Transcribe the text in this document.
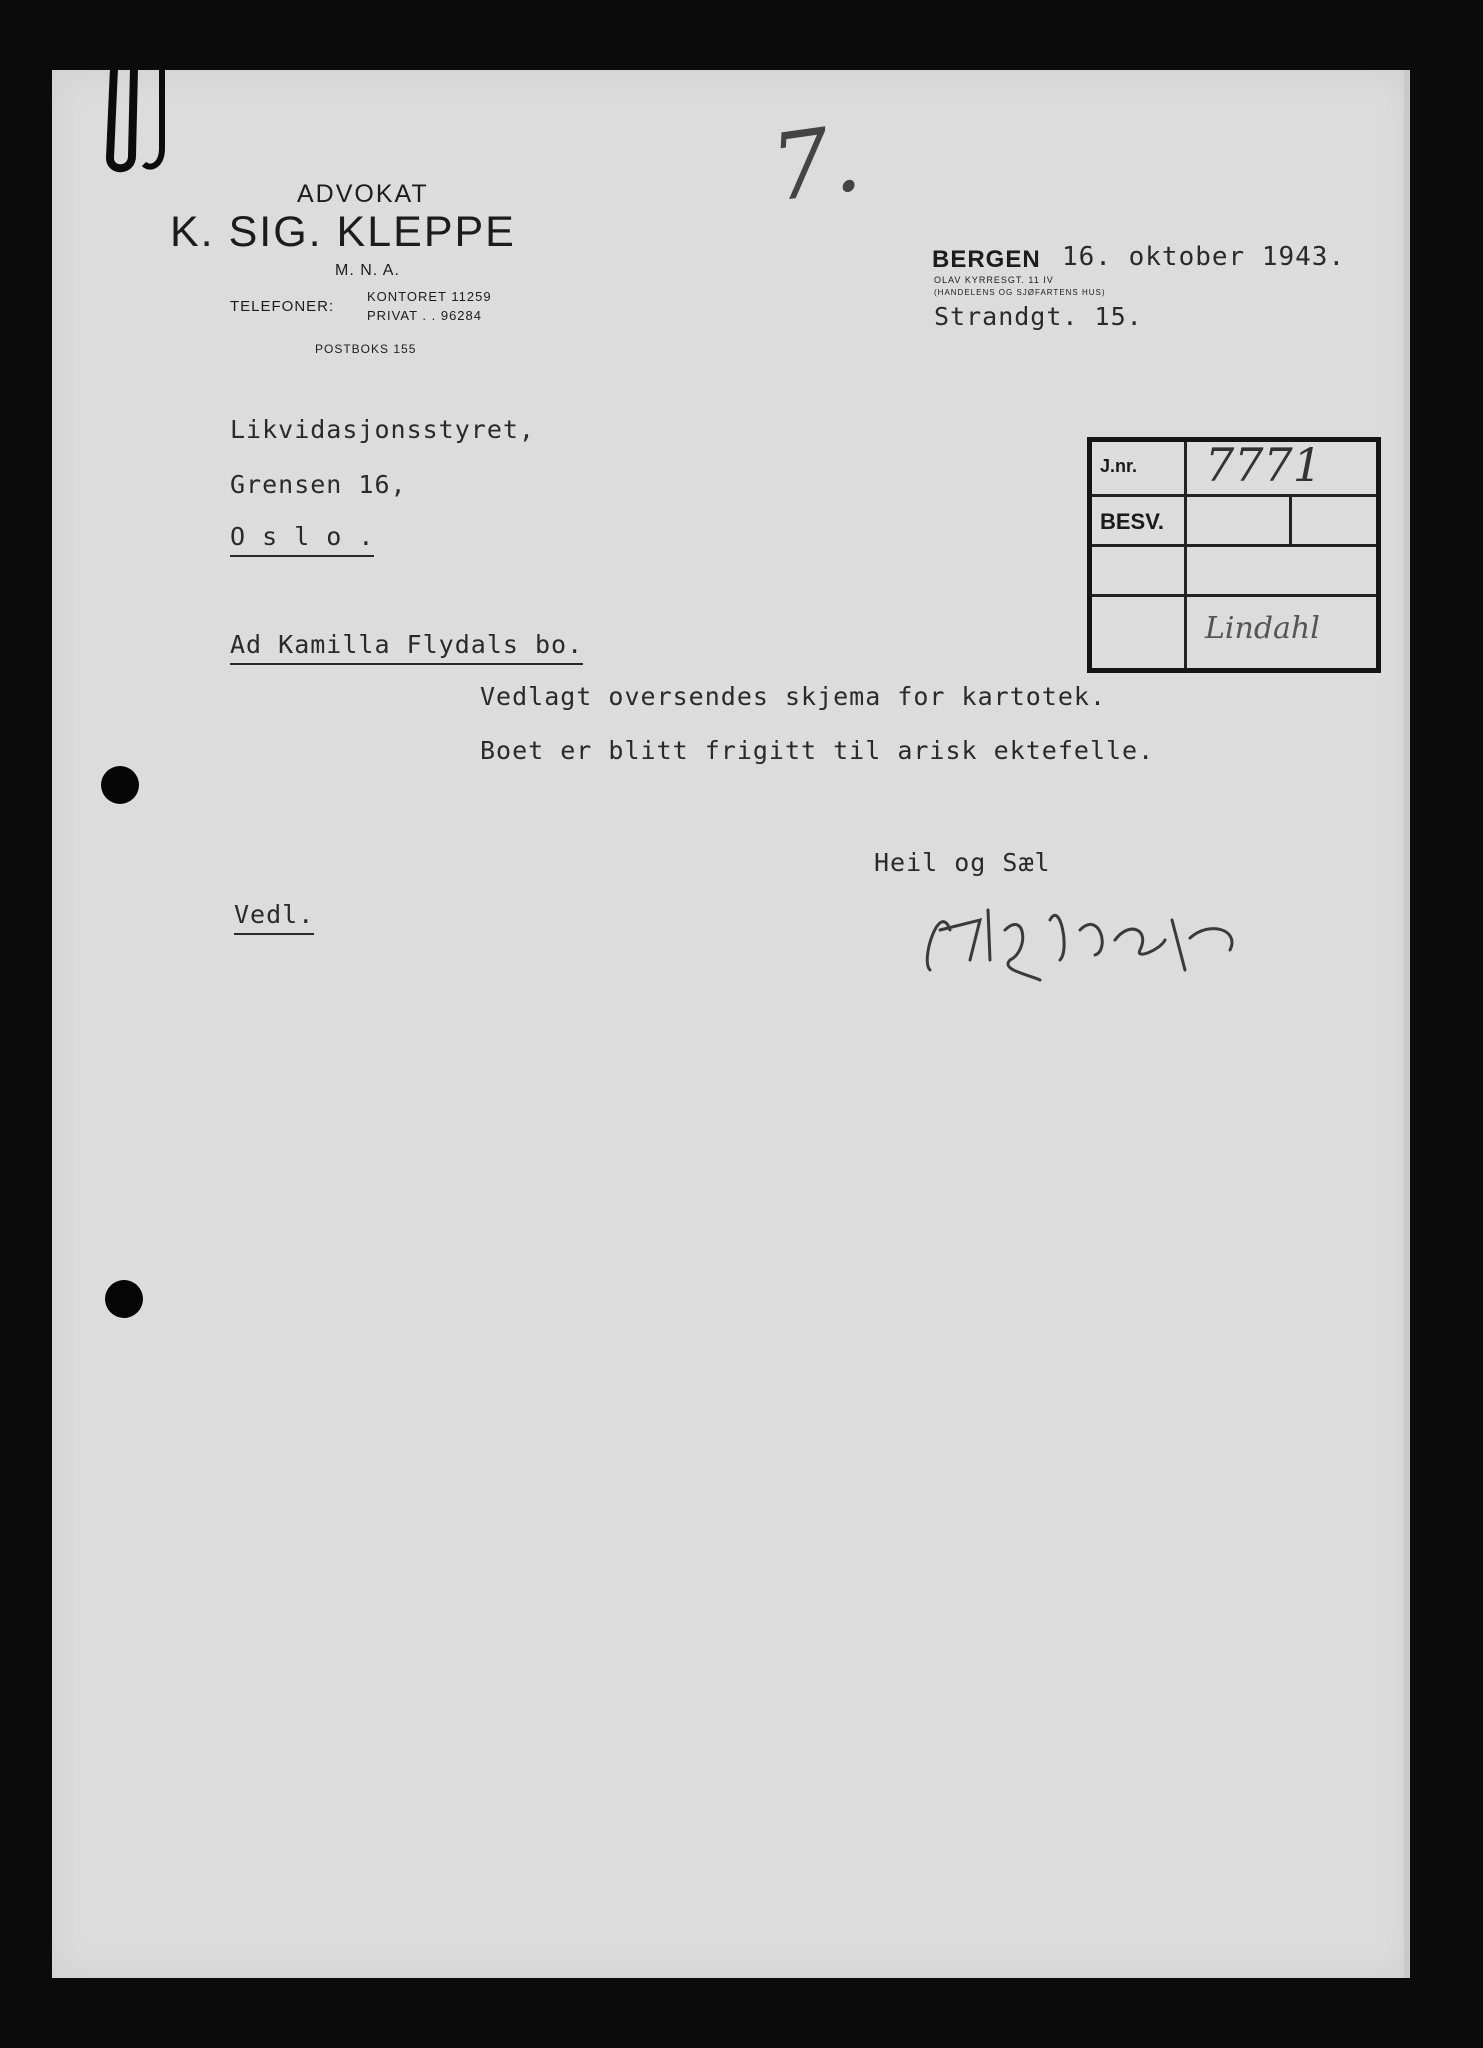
7.
ADVOKAT
K. SIG. KLEPPE
M. N. A.
TELEFONER:
KONTORET 11259
PRIVAT . . 96284
POSTBOKS 155
BERGEN 16. oktober 1943.
OLAV KYRRESGT. 11 IV
(HANDELENS OG SJØFARTENS HUS)
Strandgt. 15.
J.nr. 7771
BESV.
Lindahl
Likvidasjonsstyret,
Grensen 16,
O s l o .
Ad Kamilla Flydals bo.
Vedlagt oversendes skjema for kartotek.
Boet er blitt frigitt til arisk ektefelle.
Heil og Sæl
Vedl.
